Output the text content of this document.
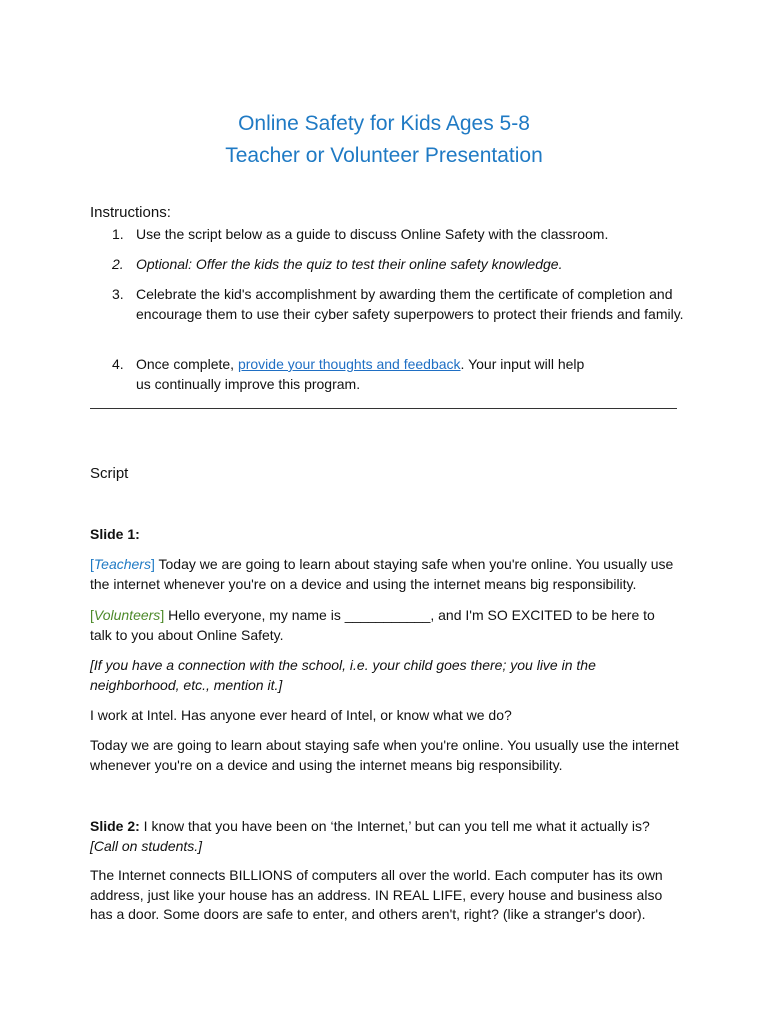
Online Safety for Kids Ages 5-8
Teacher or Volunteer Presentation
Instructions:
1. Use the script below as a guide to discuss Online Safety with the classroom.
2. Optional: Offer the kids the quiz to test their online safety knowledge.
3. Celebrate the kid's accomplishment by awarding them the certificate of completion and encourage them to use their cyber safety superpowers to protect their friends and family.
4. Once complete, provide your thoughts and feedback. Your input will help
us continually improve this program.
Script
Slide 1:
[Teachers] Today we are going to learn about staying safe when you're online. You usually use the internet whenever you're on a device and using the internet means big responsibility.
[Volunteers] Hello everyone, my name is ___________, and I'm SO EXCITED to be here to talk to you about Online Safety.
[If you have a connection with the school, i.e. your child goes there; you live in the neighborhood, etc., mention it.]
I work at Intel. Has anyone ever heard of Intel, or know what we do?
Today we are going to learn about staying safe when you're online. You usually use the internet whenever you're on a device and using the internet means big responsibility.
Slide 2: I know that you have been on ‘the Internet,’ but can you tell me what it actually is?
[Call on students.]
The Internet connects BILLIONS of computers all over the world. Each computer has its own address, just like your house has an address. IN REAL LIFE, every house and business also has a door. Some doors are safe to enter, and others aren't, right? (like a stranger's door).
